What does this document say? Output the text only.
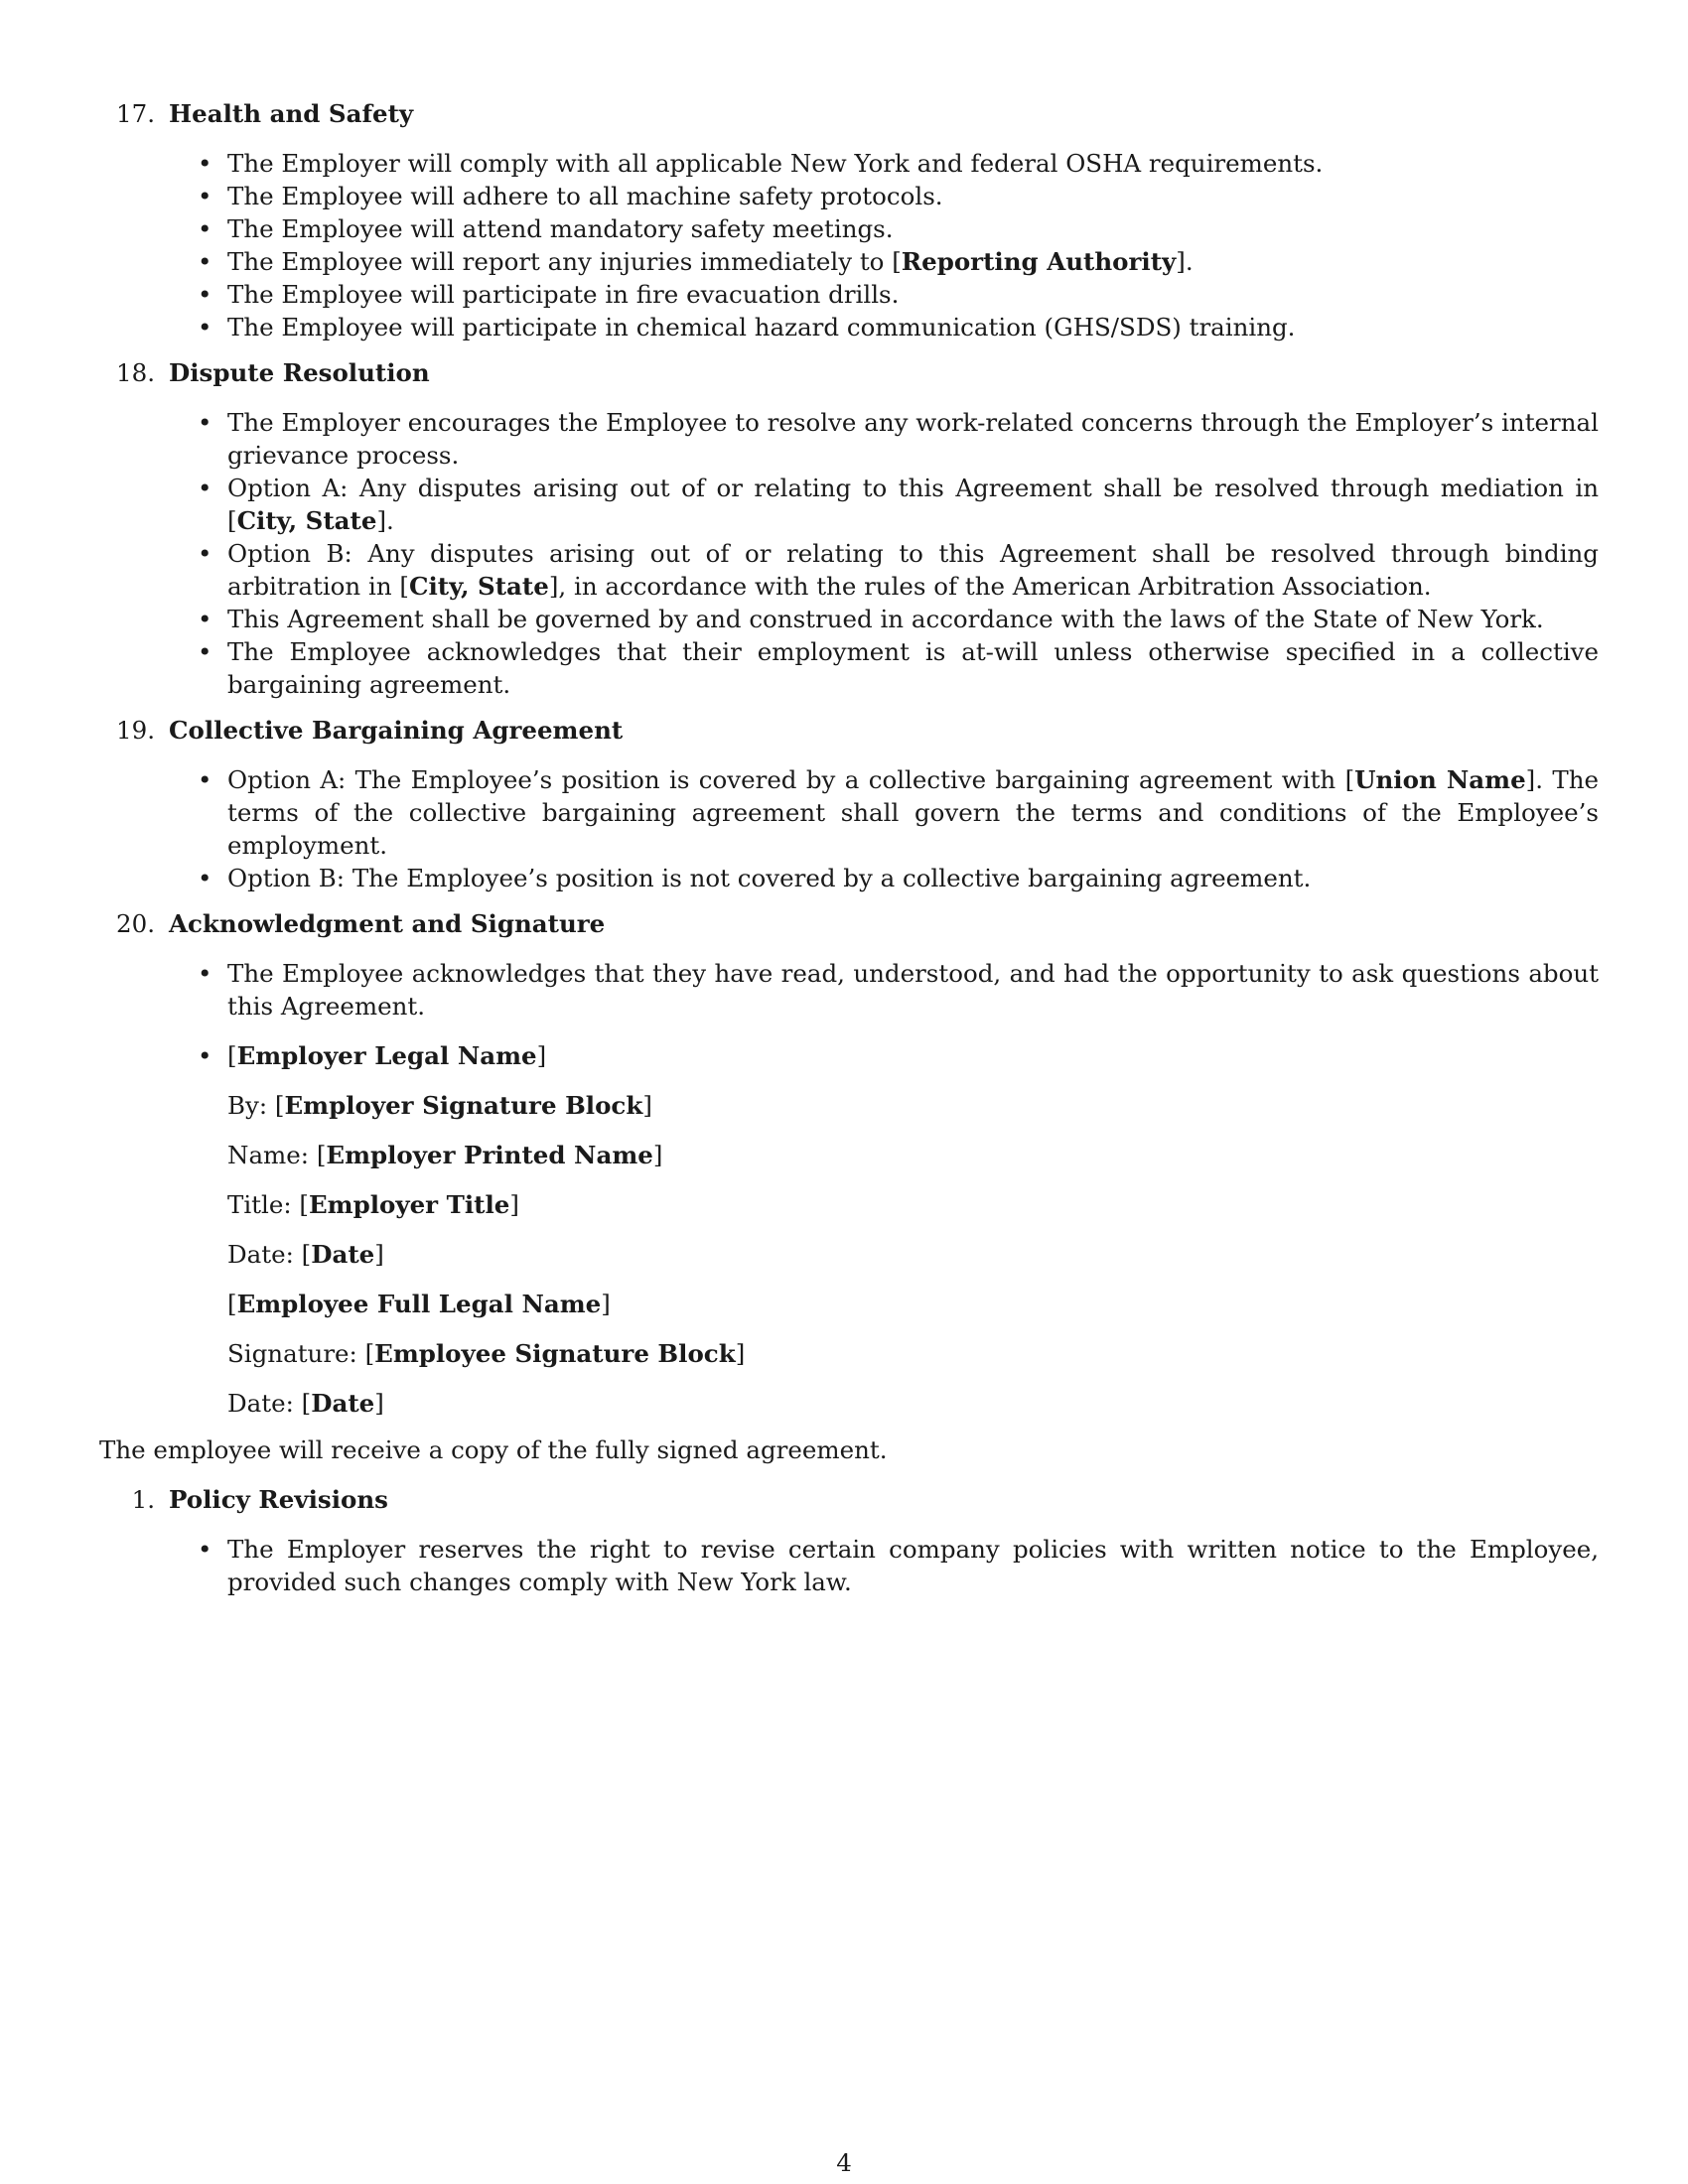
17. Health and Safety
• The Employer will comply with all applicable New York and federal OSHA requirements.
• The Employee will adhere to all machine safety protocols.
• The Employee will attend mandatory safety meetings.
• The Employee will report any injuries immediately to [Reporting Authority].
• The Employee will participate in fire evacuation drills.
• The Employee will participate in chemical hazard communication (GHS/SDS) training.
18. Dispute Resolution
• The Employer encourages the Employee to resolve any work-related concerns through the Employer’s internal grievance process.
• Option A: Any disputes arising out of or relating to this Agreement shall be resolved through mediation in [City, State].
• Option B: Any disputes arising out of or relating to this Agreement shall be resolved through binding arbitration in [City, State], in accordance with the rules of the American Arbitration Association.
• This Agreement shall be governed by and construed in accordance with the laws of the State of New York.
• The Employee acknowledges that their employment is at-will unless otherwise specified in a collective bargaining agreement.
19. Collective Bargaining Agreement
• Option A: The Employee’s position is covered by a collective bargaining agreement with [Union Name]. The terms of the collective bargaining agreement shall govern the terms and conditions of the Employee’s employment.
• Option B: The Employee’s position is not covered by a collective bargaining agreement.
20. Acknowledgment and Signature
• The Employee acknowledges that they have read, understood, and had the opportunity to ask questions about this Agreement.
• [Employer Legal Name]
By: [Employer Signature Block]
Name: [Employer Printed Name]
Title: [Employer Title]
Date: [Date]
[Employee Full Legal Name]
Signature: [Employee Signature Block]
Date: [Date]
The employee will receive a copy of the fully signed agreement.
1. Policy Revisions
• The Employer reserves the right to revise certain company policies with written notice to the Employee, provided such changes comply with New York law.
4
